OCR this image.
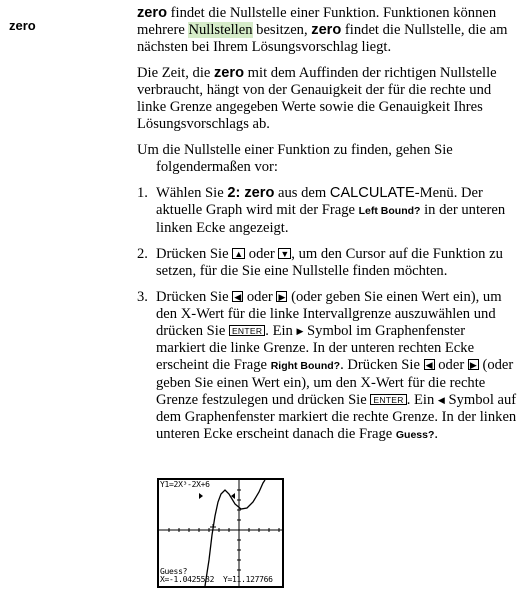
zero

zero findet die Nullstelle einer Funktion. Funktionen können mehrere Nullstellen besitzen, zero findet die Nullstelle, die am nächsten bei Ihrem Lösungsvorschlag liegt.

Die Zeit, die zero mit dem Auffinden der richtigen Nullstelle verbraucht, hängt von der Genauigkeit der für die rechte und linke Grenze angegeben Werte sowie die Genauigkeit Ihres Lösungsvorschlags ab.

Um die Nullstelle einer Funktion zu finden, gehen Sie folgendermaßen vor:

1. Wählen Sie 2: zero aus dem CALCULATE-Menü. Der aktuelle Graph wird mit der Frage Left Bound? in der unteren linken Ecke angezeigt.
2. Drücken Sie ▲ oder ▼ , um den Cursor auf die Funktion zu setzen, für die Sie eine Nullstelle finden möchten.
3. Drücken Sie ◀ oder ▶ (oder geben Sie einen Wert ein), um den X-Wert für die linke Intervallgrenze auszuwählen und drücken Sie ENTER . Ein ▶ Symbol im Graphenfenster markiert die linke Grenze. In der unteren rechten Ecke erscheint die Frage Right Bound?. Drücken Sie ◀ oder ▶ (oder geben Sie einen Wert ein), um den X-Wert für die rechte Grenze festzulegen und drücken Sie ENTER . Ein ◀ Symbol auf dem Graphenfenster markiert die rechte Grenze. In der linken unteren Ecke erscheint danach die Frage Guess?.
Y1=2X³-2X+6
Guess?
X=-1.0425532 Y=11.127766
